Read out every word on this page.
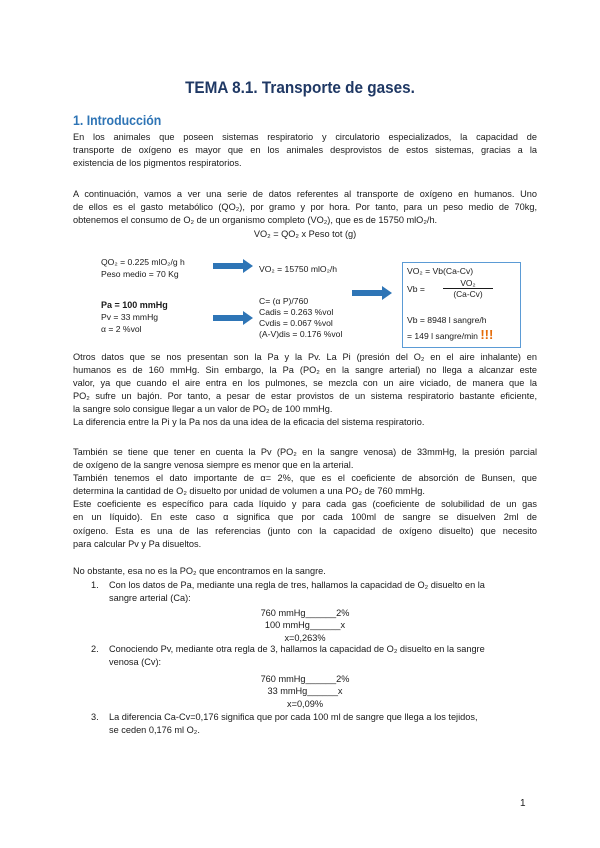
TEMA 8.1. Transporte de gases.
1. Introducción
En los animales que poseen sistemas respiratorio y circulatorio especializados, la capacidad de
transporte de oxígeno es mayor que en los animales desprovistos de estos sistemas, gracias a la
existencia de los pigmentos respiratorios.
A continuación, vamos a ver una serie de datos referentes al transporte de oxígeno en humanos. Uno
de ellos es el gasto metabólico (QO₂), por gramo y por hora. Por tanto, para un peso medio de 70kg,
obtenemos el consumo de O₂ de un organismo completo (VO₂), que es de 15750 mlO₂/h.
VO₂ = QO₂ x Peso tot (g)
QO₂ = 0.225 mlO₂/g h
Peso medio = 70 Kg
Pa = 100 mmHg
Pv = 33 mmHg
α = 2 %vol
VO₂ = 15750 mlO₂/h
C= (α P)/760
Cadis = 0.263 %vol
Cvdis = 0.067 %vol
(A-V)dis = 0.176 %vol
VO₂ = Vb(Ca-Cv)
$Vb = \frac{\text{VO₂}}{(Ca-Cv)}$
Vb = 8948 l sangre/h
= 149 l sangre/min !!!
Otros datos que se nos presentan son la Pa y la Pv. La Pi (presión del O₂ en el aire inhalante) en
humanos es de 160 mmHg. Sin embargo, la Pa (PO₂ en la sangre arterial) no llega a alcanzar este
valor, ya que cuando el aire entra en los pulmones, se mezcla con un aire viciado, de manera que la
PO₂ sufre un bajón. Por tanto, a pesar de estar provistos de un sistema respiratorio bastante eficiente,
la sangre solo consigue llegar a un valor de PO₂ de 100 mmHg.
La diferencia entre la Pi y la Pa nos da una idea de la eficacia del sistema respiratorio.
También se tiene que tener en cuenta la Pv (PO₂ en la sangre venosa) de 33mmHg, la presión parcial
de oxígeno de la sangre venosa siempre es menor que en la arterial.
También tenemos el dato importante de α= 2%, que es el coeficiente de absorción de Bunsen, que
determina la cantidad de O₂ disuelto por unidad de volumen a una PO₂ de 760 mmHg.
Este coeficiente es específico para cada líquido y para cada gas (coeficiente de solubilidad de un gas
en un líquido). En este caso α significa que por cada 100ml de sangre se disuelven 2ml de
oxígeno. Esta es una de las referencias (junto con la capacidad de oxígeno disuelto) que necesito
para calcular Pv y Pa disueltos.
No obstante, esa no es la PO₂ que encontramos en la sangre.
1. Con los datos de Pa, mediante una regla de tres, hallamos la capacidad de O₂ disuelto en la
sangre arterial (Ca):
2. Conociendo Pv, mediante otra regla de 3, hallamos la capacidad de O₂ disuelto en la sangre
venosa (Cv):
3. La diferencia Ca-Cv=0,176 significa que por cada 100 ml de sangre que llega a los tejidos,
se ceden 0,176 ml O₂.
760 mmHg______2%
100 mmHg______x
x=0,263%
760 mmHg______2%
33 mmHg______x
x=0,09%
1
